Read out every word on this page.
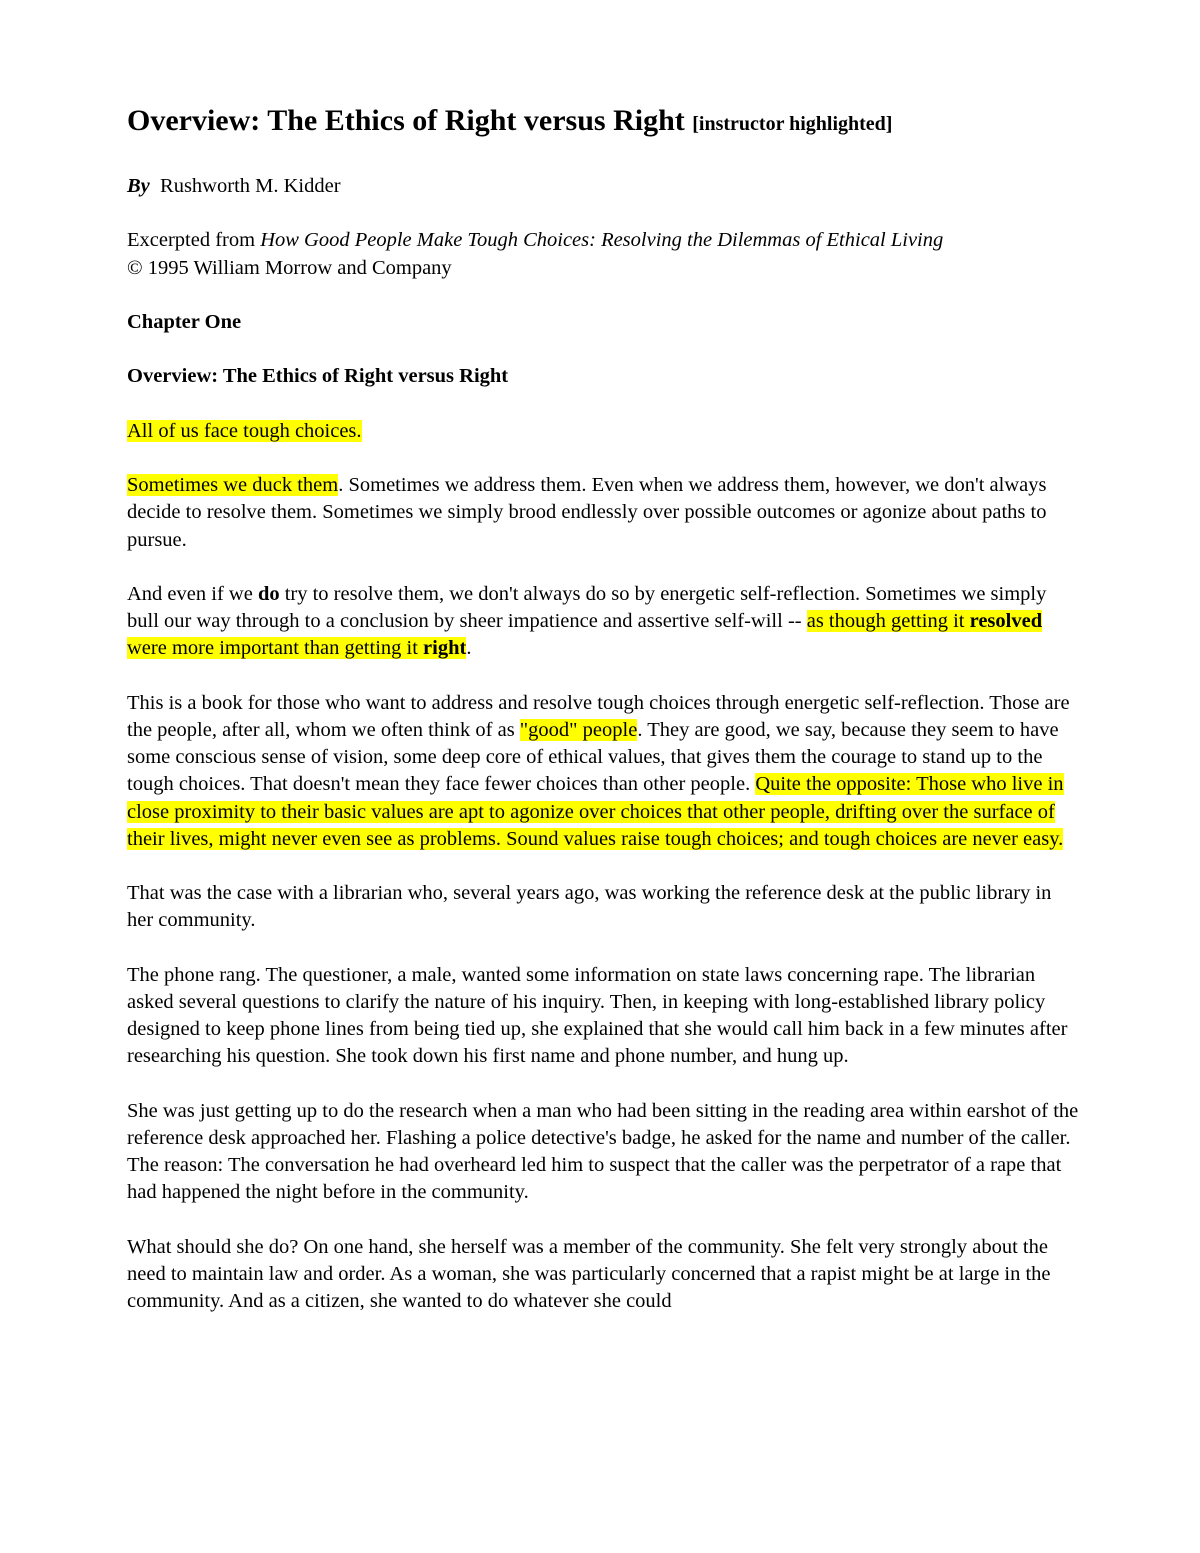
Overview: The Ethics of Right versus Right [instructor highlighted]

By Rushworth M. Kidder

Excerpted from How Good People Make Tough Choices: Resolving the Dilemmas of Ethical Living
© 1995 William Morrow and Company

Chapter One

Overview: The Ethics of Right versus Right

All of us face tough choices.

Sometimes we duck them. Sometimes we address them. Even when we address them, however, we don't always decide to resolve them. Sometimes we simply brood endlessly over possible outcomes or agonize about paths to pursue.

And even if we do try to resolve them, we don't always do so by energetic self-reflection. Sometimes we simply bull our way through to a conclusion by sheer impatience and assertive self-will -- as though getting it resolved were more important than getting it right.

This is a book for those who want to address and resolve tough choices through energetic self-reflection. Those are the people, after all, whom we often think of as "good" people. They are good, we say, because they seem to have some conscious sense of vision, some deep core of ethical values, that gives them the courage to stand up to the tough choices. That doesn't mean they face fewer choices than other people. Quite the opposite: Those who live in close proximity to their basic values are apt to agonize over choices that other people, drifting over the surface of their lives, might never even see as problems. Sound values raise tough choices; and tough choices are never easy.

That was the case with a librarian who, several years ago, was working the reference desk at the public library in her community.

The phone rang. The questioner, a male, wanted some information on state laws concerning rape. The librarian asked several questions to clarify the nature of his inquiry. Then, in keeping with long-established library policy designed to keep phone lines from being tied up, she explained that she would call him back in a few minutes after researching his question. She took down his first name and phone number, and hung up.

She was just getting up to do the research when a man who had been sitting in the reading area within earshot of the reference desk approached her. Flashing a police detective's badge, he asked for the name and number of the caller. The reason: The conversation he had overheard led him to suspect that the caller was the perpetrator of a rape that had happened the night before in the community.

What should she do? On one hand, she herself was a member of the community. She felt very strongly about the need to maintain law and order. As a woman, she was particularly concerned that a rapist might be at large in the community. And as a citizen, she wanted to do whatever she could
